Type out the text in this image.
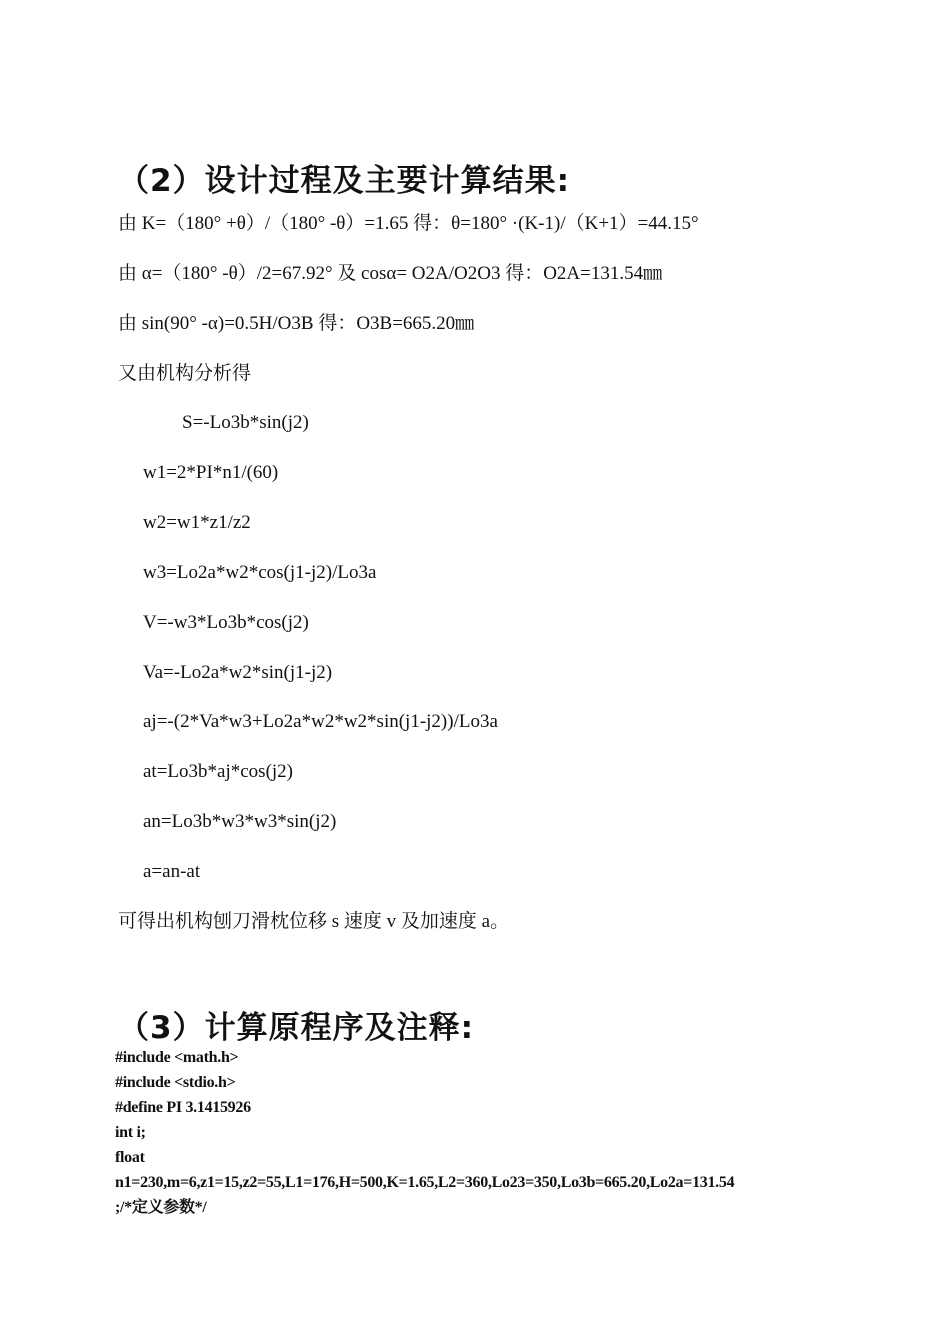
（2）设计过程及主要计算结果:
由 K=（180° +θ）/（180° -θ）=1.65 得：θ=180° ·(K-1)/（K+1）=44.15°
由 α=（180° -θ）/2=67.92° 及 cosα= O2A/O2O3 得：O2A=131.54㎜
由 sin(90° -α)=0.5H/O3B 得：O3B=665.20㎜
又由机构分析得
S=-Lo3b*sin(j2)
w1=2*PI*n1/(60)
w2=w1*z1/z2
w3=Lo2a*w2*cos(j1-j2)/Lo3a
V=-w3*Lo3b*cos(j2)
Va=-Lo2a*w2*sin(j1-j2)
aj=-(2*Va*w3+Lo2a*w2*w2*sin(j1-j2))/Lo3a
at=Lo3b*aj*cos(j2)
an=Lo3b*w3*w3*sin(j2)
a=an-at
可得出机构刨刀滑枕位移 s 速度 v 及加速度 a。
（3）计算原程序及注释:
#include <math.h>
#include <stdio.h>
#define PI 3.1415926
int i;
float
n1=230,m=6,z1=15,z2=55,L1=176,H=500,K=1.65,L2=360,Lo23=350,Lo3b=665.20,Lo2a=131.54
;/*定义参数*/
